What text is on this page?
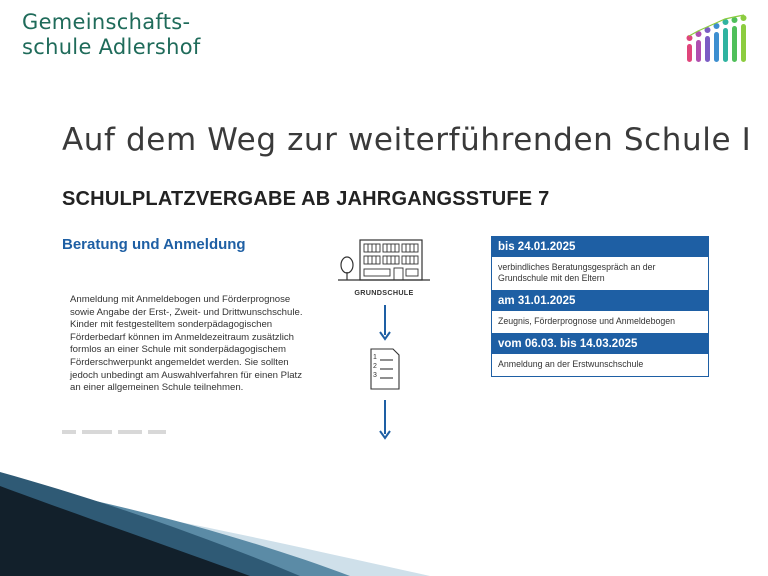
Gemeinschafts-
schule Adlershof
Auf dem Weg zur weiterführenden Schule I
SCHULPLATZVERGABE AB JAHRGANGSSTUFE 7
Beratung und Anmeldung
Anmeldung mit Anmeldebogen und Förderprognose sowie Angabe der Erst-, Zweit- und Drittwunschschule. Kinder mit festgestelltem sonderpädagogischen Förderbedarf können im Anmeldezeitraum zusätzlich formlos an einer Schule mit sonderpädagogischem Förderschwerpunkt angemeldet werden. Sie sollten jedoch unbedingt am Auswahlverfahren für einen Platz an einer allgemeinen Schule teilnehmen.
GRUNDSCHULE
1
2
3
bis 24.01.2025
verbindliches Beratungsgespräch an der Grundschule mit den Eltern
am 31.01.2025
Zeugnis, Förderprognose und Anmeldebogen
vom 06.03. bis 14.03.2025
Anmeldung an der Erstwunschschule
